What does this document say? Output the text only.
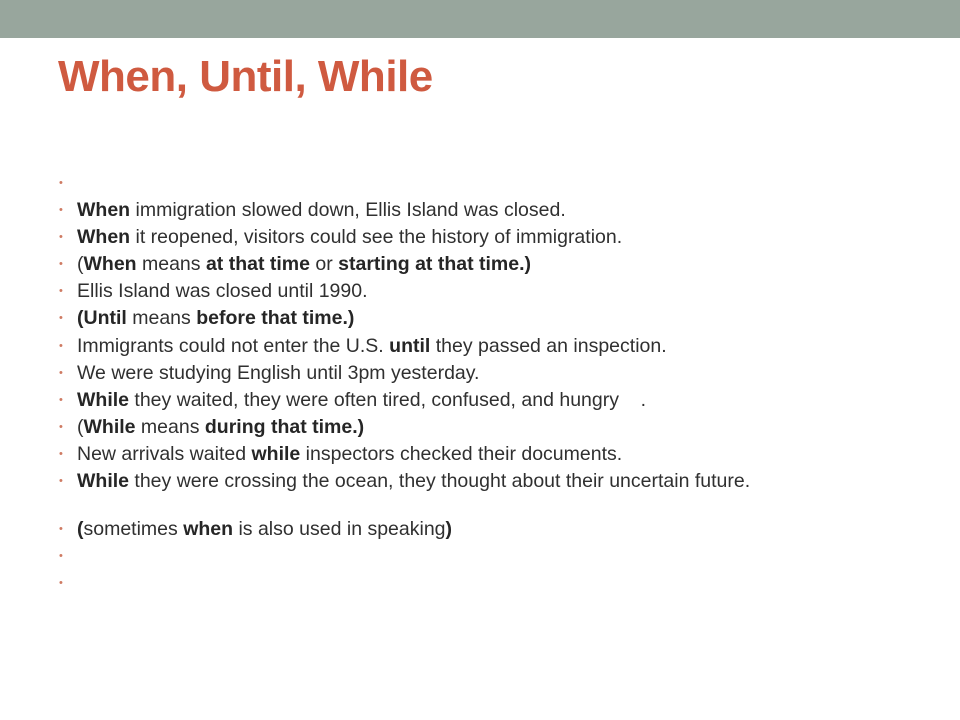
When, Until, While
•
• When immigration slowed down, Ellis Island was closed.
• When it reopened, visitors could see the history of immigration.
• (When means at that time or starting at that time.)
• Ellis Island was closed until 1990.
• (Until means before that time.)
• Immigrants could not enter the U.S. until they passed an inspection.
• We were studying English until 3pm yesterday.
• While they waited, they were often tired, confused, and hungry    .
• (While means during that time.)
• New arrivals waited while inspectors checked their documents.
• While they were crossing the ocean, they thought about their uncertain future.
• (sometimes when is also used in speaking)
•
•
